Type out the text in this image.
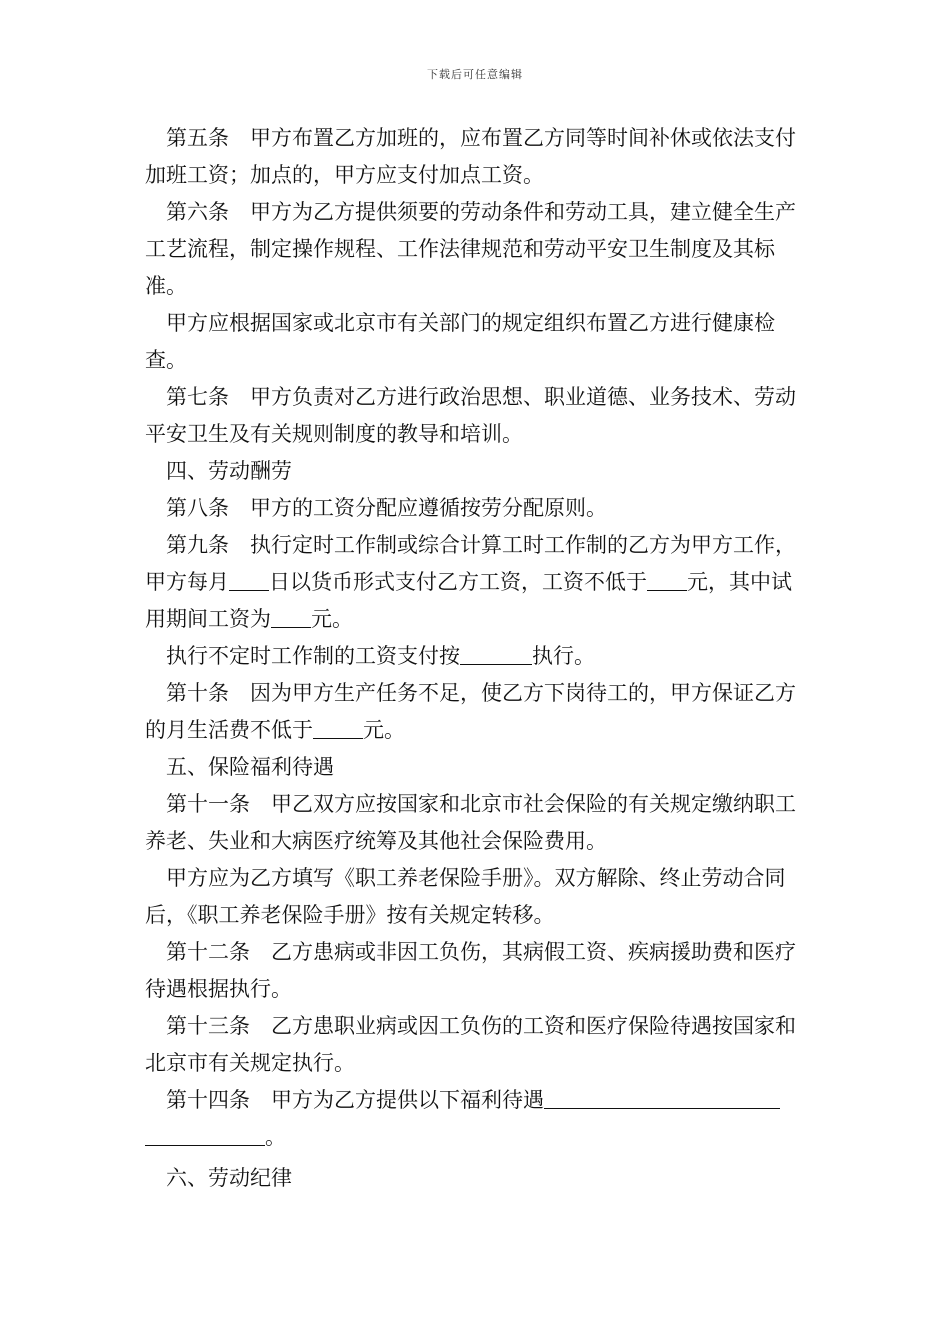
下载后可任意编辑

第五条　甲方布置乙方加班的，应布置乙方同等时间补休或依法支付加班工资；加点的，甲方应支付加点工资。

第六条　甲方为乙方提供须要的劳动条件和劳动工具，建立健全生产工艺流程，制定操作规程、工作法律规范和劳动平安卫生制度及其标准。

甲方应根据国家或北京市有关部门的规定组织布置乙方进行健康检查。

第七条　甲方负责对乙方进行政治思想、职业道德、业务技术、劳动平安卫生及有关规则制度的教导和培训。

四、劳动酬劳

第八条　甲方的工资分配应遵循按劳分配原则。

第九条　执行定时工作制或综合计算工时工作制的乙方为甲方工作，甲方每月 日以货币形式支付乙方工资，工资不低于 元，其中试用期间工资为 元。

执行不定时工作制的工资支付按	执行。

第十条　因为甲方生产任务不足，使乙方下岗待工的，甲方保证乙方的月生活费不低于 元。

五、保险福利待遇

第十一条　甲乙双方应按国家和北京市社会保险的有关规定缴纳职工养老、失业和大病医疗统筹及其他社会保险费用。

甲方应为乙方填写《职工养老保险手册》。双方解除、终止劳动合同后，《职工养老保险手册》按有关规定转移。

第十二条　乙方患病或非因工负伤，其病假工资、疾病援助费和医疗待遇根据执行。

第十三条　乙方患职业病或因工负伤的工资和医疗保险待遇按国家和北京市有关规定执行。

第十四条　甲方为乙方提供以下福利待遇
。

六、劳动纪律
